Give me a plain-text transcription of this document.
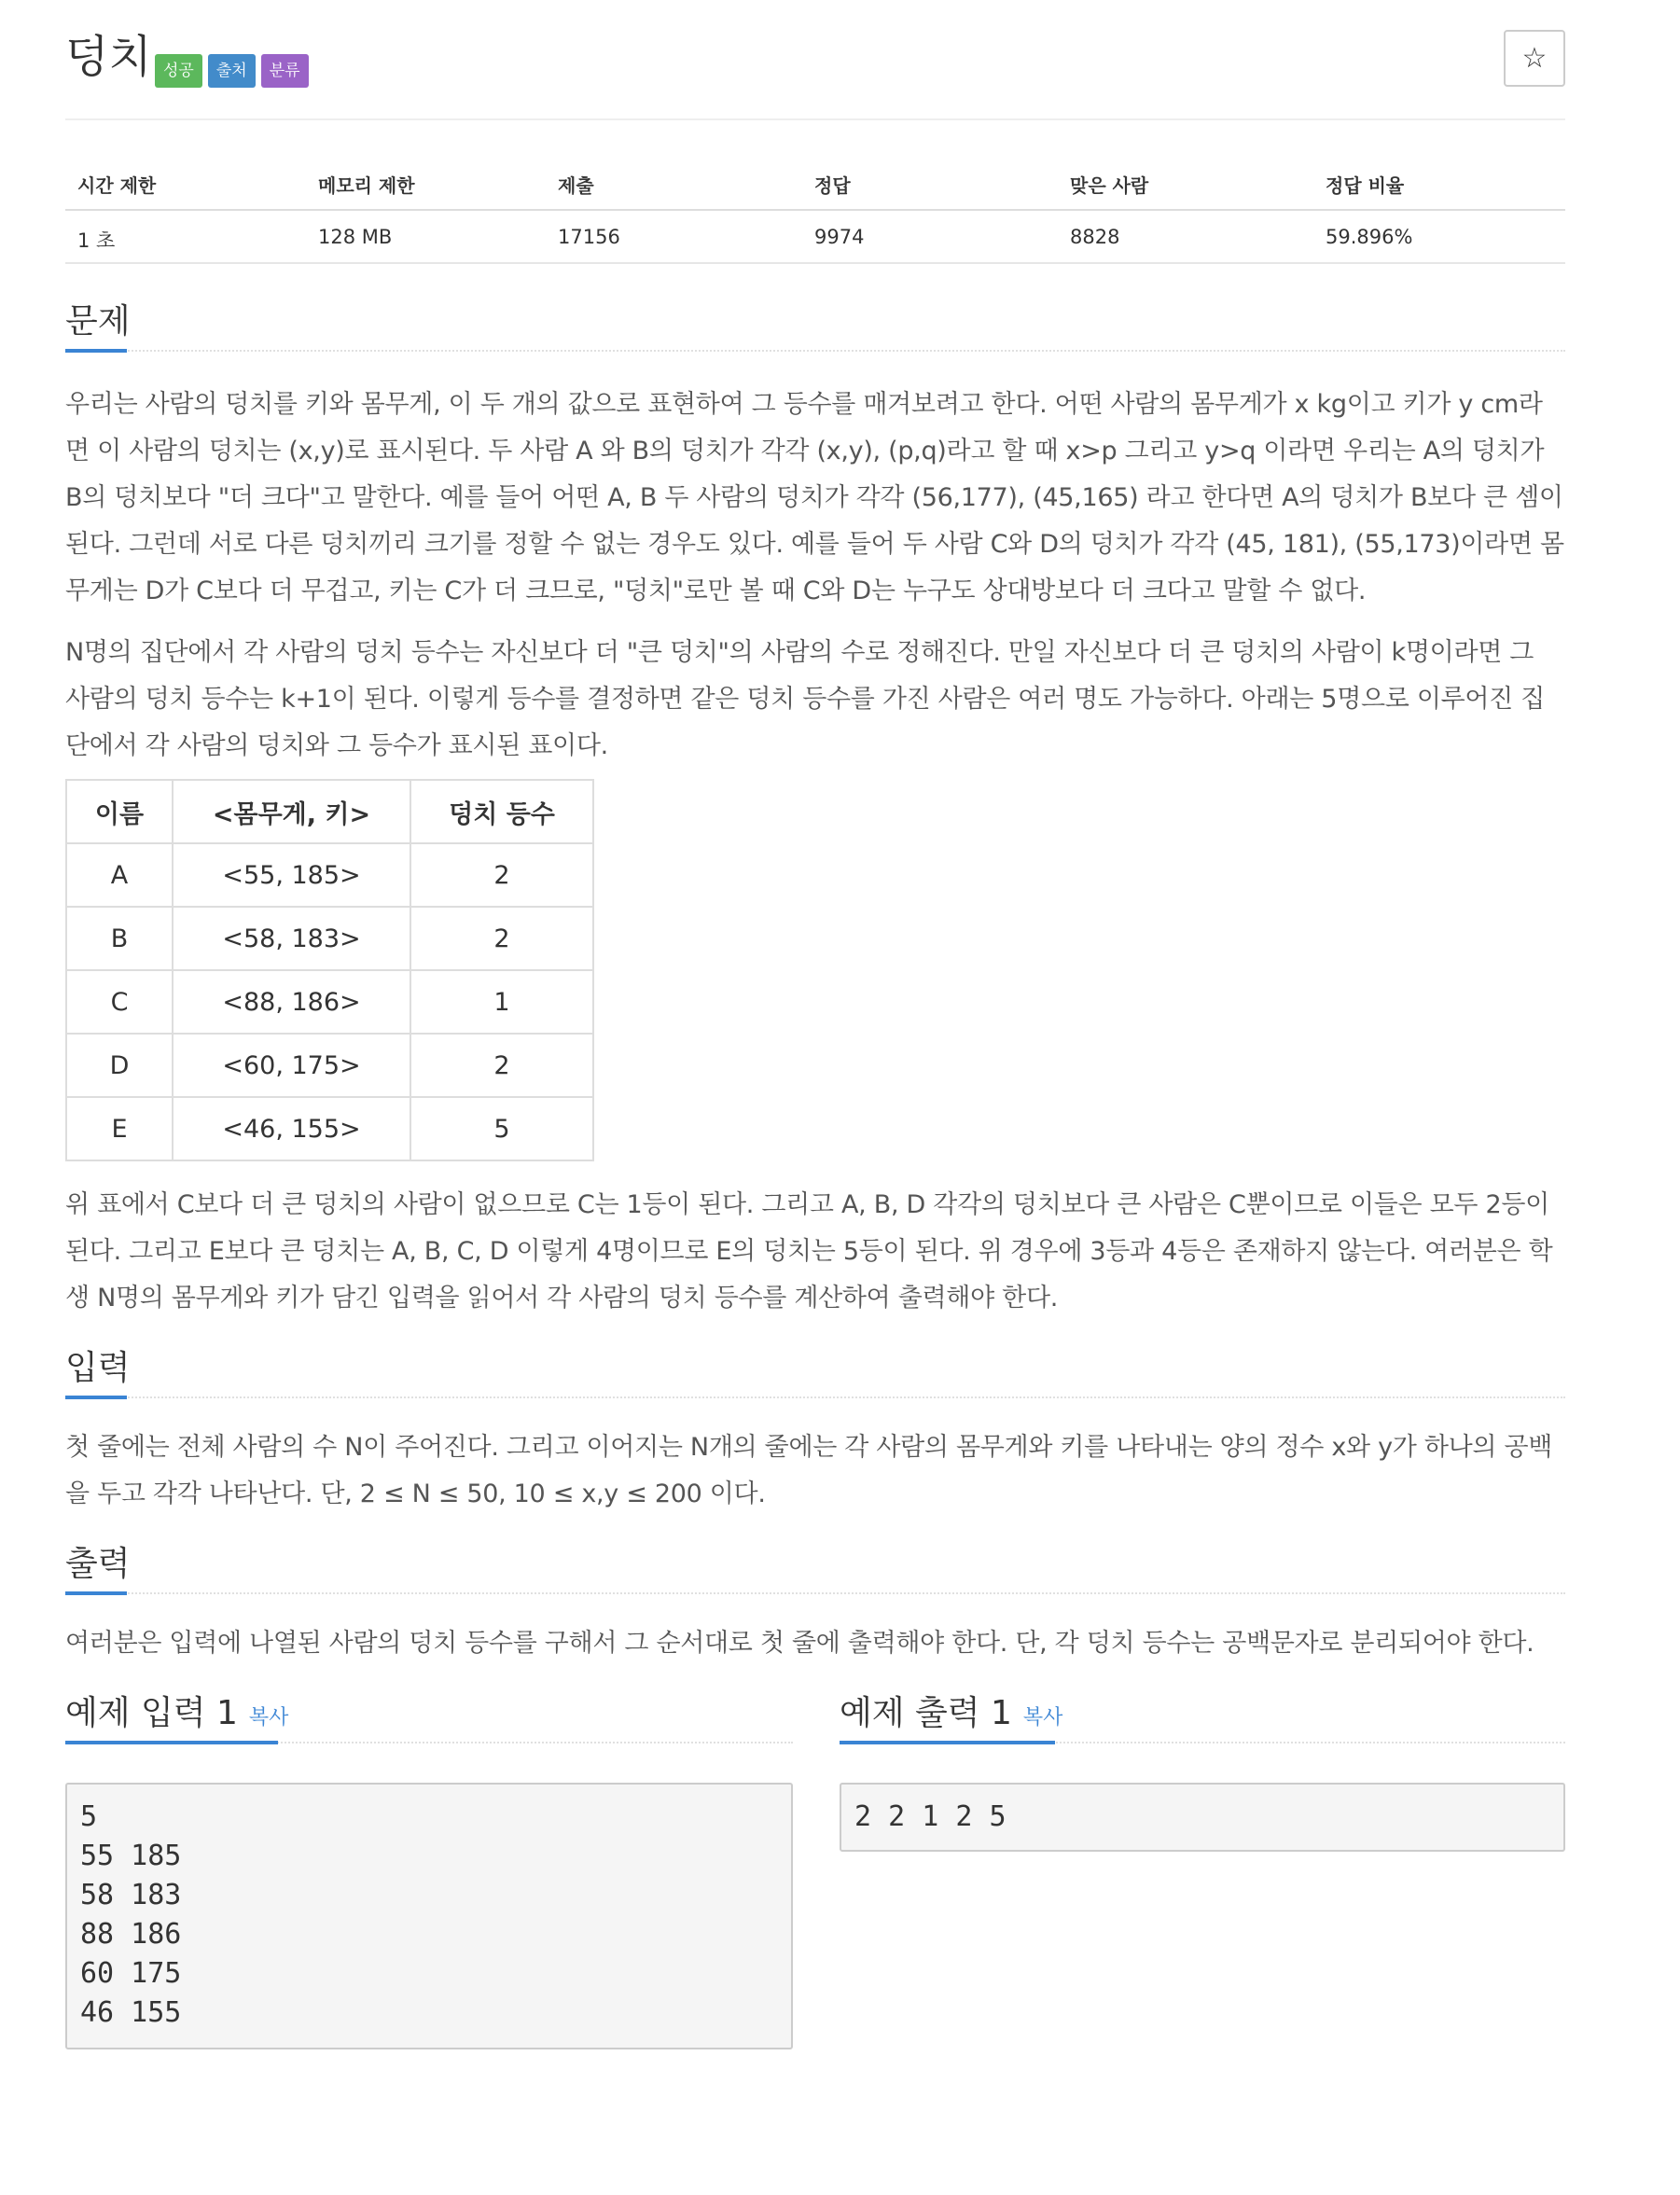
덩치 성공	출처	분류	☆
시간 제한	메모리 제한	제출	정답	맞은 사람	정답 비율
1 초	128 MB	17156	9974	8828	59.896%
문제

우리는 사람의 덩치를 키와 몸무게, 이 두 개의 값으로 표현하여 그 등수를 매겨보려고 한다. 어떤 사람의 몸무게가 x kg이고 키가 y cm라면 이 사람의 덩치는 (x,y)로 표시된다. 두 사람 A 와 B의 덩치가 각각 (x,y), (p,q)라고 할 때 x>p 그리고 y>q 이라면 우리는 A의 덩치가 B의 덩치보다 "더 크다"고 말한다. 예를 들어 어떤 A, B 두 사람의 덩치가 각각 (56,177), (45,165) 라고 한다면 A의 덩치가 B보다 큰 셈이 된다. 그런데 서로 다른 덩치끼리 크기를 정할 수 없는 경우도 있다. 예를 들어 두 사람 C와 D의 덩치가 각각 (45, 181), (55,173)이라면 몸무게는 D가 C보다 더 무겁고, 키는 C가 더 크므로, "덩치"로만 볼 때 C와 D는 누구도 상대방보다 더 크다고 말할 수 없다.

N명의 집단에서 각 사람의 덩치 등수는 자신보다 더 "큰 덩치"의 사람의 수로 정해진다. 만일 자신보다 더 큰 덩치의 사람이 k명이라면 그 사람의 덩치 등수는 k+1이 된다. 이렇게 등수를 결정하면 같은 덩치 등수를 가진 사람은 여러 명도 가능하다. 아래는 5명으로 이루어진 집단에서 각 사람의 덩치와 그 등수가 표시된 표이다.

이름	<몸무게, 키>	덩치 등수
A	<55, 185>	2
B	<58, 183>	2
C	<88, 186>	1
D	<60, 175>	2
E	<46, 155>	5

위 표에서 C보다 더 큰 덩치의 사람이 없으므로 C는 1등이 된다. 그리고 A, B, D 각각의 덩치보다 큰 사람은 C뿐이므로 이들은 모두 2등이 된다. 그리고 E보다 큰 덩치는 A, B, C, D 이렇게 4명이므로 E의 덩치는 5등이 된다. 위 경우에 3등과 4등은 존재하지 않는다. 여러분은 학생 N명의 몸무게와 키가 담긴 입력을 읽어서 각 사람의 덩치 등수를 계산하여 출력해야 한다.

입력

첫 줄에는 전체 사람의 수 N이 주어진다. 그리고 이어지는 N개의 줄에는 각 사람의 몸무게와 키를 나타내는 양의 정수 x와 y가 하나의 공백을 두고 각각 나타난다. 단, 2 ≤ N ≤ 50, 10 ≤ x,y ≤ 200 이다.

출력

여러분은 입력에 나열된 사람의 덩치 등수를 구해서 그 순서대로 첫 줄에 출력해야 한다. 단, 각 덩치 등수는 공백문자로 분리되어야 한다.

예제 입력 1 복사
5
55 185
58 183
88 186
60 175
46 155
예제 출력 1 복사
2 2 1 2 5
